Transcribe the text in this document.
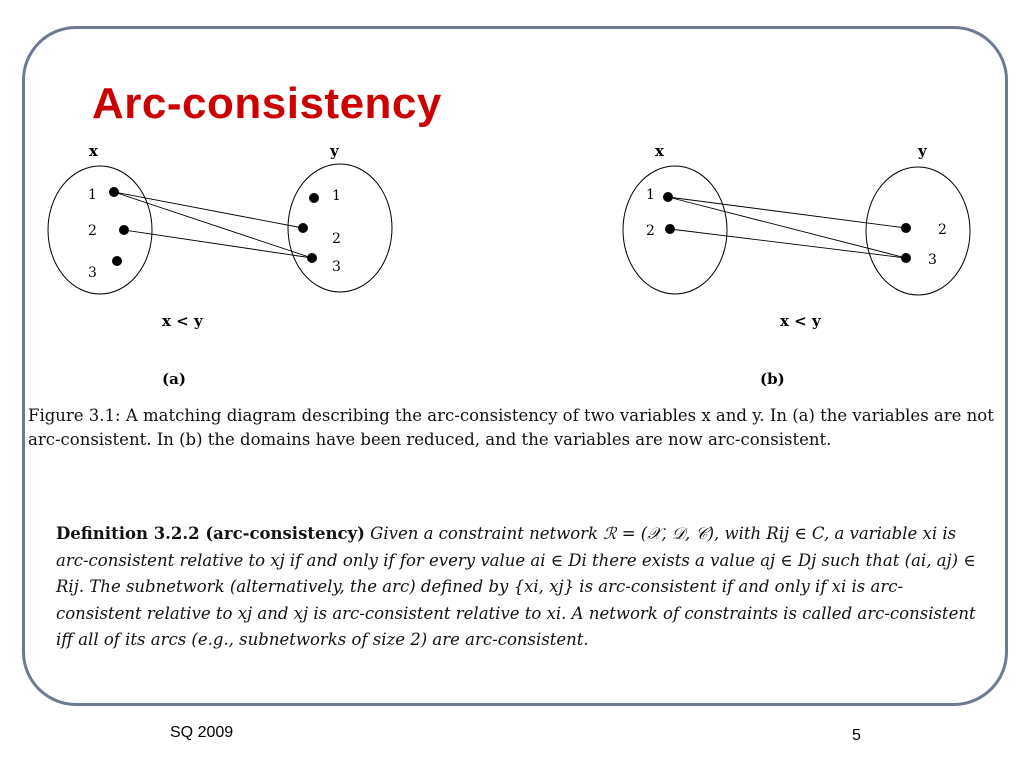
Arc-consistency
x	y
1
2
3
1
2
3
x < y
(a)
x	y
1
2	2
3
x < y
(b)
Figure 3.1: A matching diagram describing the arc-consistency of two variables x and y. In (a) the variables are not arc-consistent. In (b) the domains have been reduced, and the variables are now arc-consistent.
Definition 3.2.2 (arc-consistency) Given a constraint network ℛ = (𝒳, 𝒟, 𝒞), with Rij ∈ C, a variable xi is arc-consistent relative to xj if and only if for every value ai ∈ Di there exists a value aj ∈ Dj such that (ai, aj) ∈ Rij. The subnetwork (alternatively, the arc) defined by {xi, xj} is arc-consistent if and only if xi is arc-consistent relative to xj and xj is arc-consistent relative to xi. A network of constraints is called arc-consistent iff all of its arcs (e.g., subnetworks of size 2) are arc-consistent.
SQ 2009	5
